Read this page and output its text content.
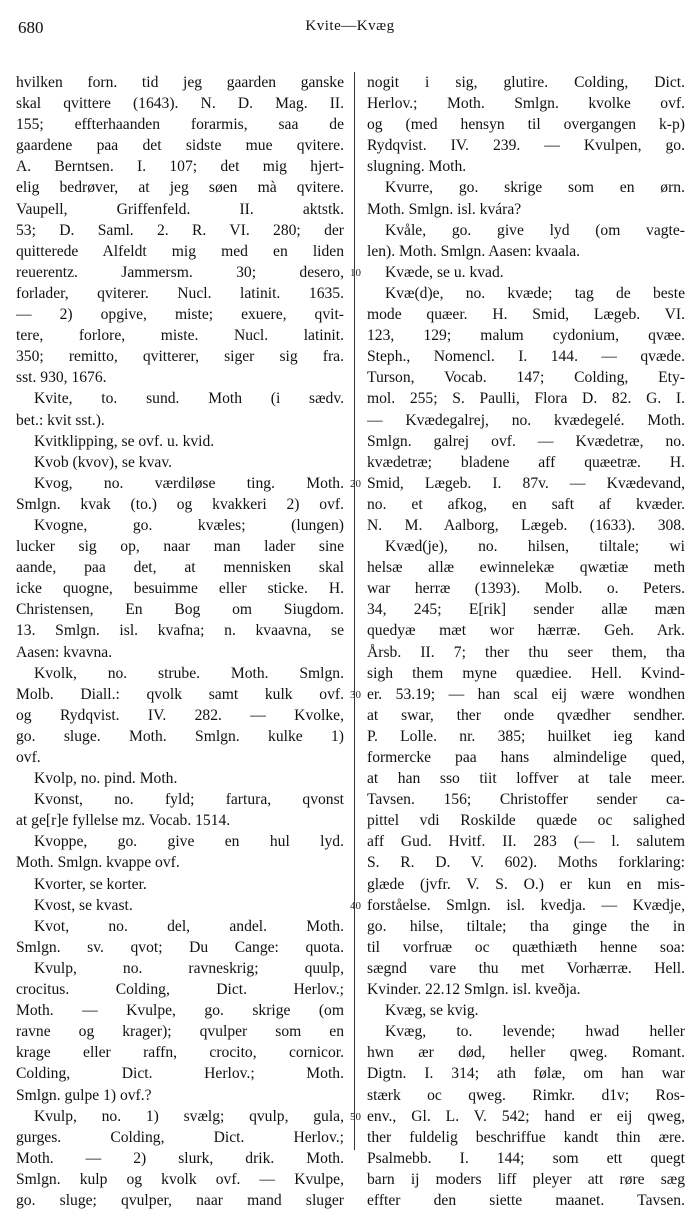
680	Kvite—Kvæg
hvilken forn. tid jeg gaarden ganske
skal qvittere (1643). N. D. Mag. II.
155; effterhaanden forarmis, saa de
gaardene paa det sidste mue qvitere.
A. Berntsen. I. 107; det mig hjert-
elig bedrøver, at jeg søen mà qvitere.
Vaupell, Griffenfeld. II. aktstk.
53; D. Saml. 2. R. VI. 280; der
quitterede Alfeldt mig med en liden
reuerentz. Jammersm. 30; desero,
forlader, qviterer. Nucl. latinit. 1635.
— 2) opgive, miste; exuere, qvit-
tere, forlore, miste. Nucl. latinit.
350; remitto, qvitterer, siger sig fra.
sst. 930, 1676.
Kvite, to. sund. Moth (i sædv.
bet.: kvit sst.).
Kvitklipping, se ovf. u. kvid.
Kvob (kvov), se kvav.
Kvog, no. værdiløse ting. Moth.
Smlgn. kvak (to.) og kvakkeri 2) ovf.
Kvogne, go. kvæles; (lungen)
lucker sig op, naar man lader sine
aande, paa det, at mennisken skal
icke quogne, besuimme eller sticke. H.
Christensen, En Bog om Siugdom.
13. Smlgn. isl. kvafna; n. kvaavna, se
Aasen: kvavna.
Kvolk, no. strube. Moth. Smlgn.
Molb. Diall.: qvolk samt kulk ovf.
og Rydqvist. IV. 282. — Kvolke,
go. sluge. Moth. Smlgn. kulke 1)
ovf.
Kvolp, no. pind. Moth.
Kvonst, no. fyld; fartura, qvonst
at ge[r]e fyllelse mz. Vocab. 1514.
Kvoppe, go. give en hul lyd.
Moth. Smlgn. kvappe ovf.
Kvorter, se korter.
Kvost, se kvast.
Kvot, no. del, andel. Moth.
Smlgn. sv. qvot; Du Cange: quota.
Kvulp, no. ravneskrig; quulp,
crocitus. Colding, Dict. Herlov.;
Moth. — Kvulpe, go. skrige (om
ravne og krager); qvulper som en
krage eller raffn, crocito, cornicor.
Colding, Dict. Herlov.; Moth.
Smlgn. gulpe 1) ovf.?
Kvulp, no. 1) svælg; qvulp, gula,
gurges. Colding, Dict. Herlov.;
Moth. — 2) slurk, drik. Moth.
Smlgn. kulp og kvolk ovf. — Kvulpe,
go. sluge; qvulper, naar mand sluger
nogit i sig, glutire. Colding, Dict.
Herlov.; Moth. Smlgn. kvolke ovf.
og (med hensyn til overgangen k-p)
Rydqvist. IV. 239. — Kvulpen, go.
slugning. Moth.
Kvurre, go. skrige som en ørn.
Moth. Smlgn. isl. kvára?
Kvåle, go. give lyd (om vagte-
len). Moth. Smlgn. Aasen: kvaala.
Kvæde, se u. kvad.
Kvæ(d)e, no. kvæde; tag de beste
mode quæer. H. Smid, Lægeb. VI.
123, 129; malum cydonium, qvæe.
Steph., Nomencl. I. 144. — qvæde.
Turson, Vocab. 147; Colding, Ety-
mol. 255; S. Paulli, Flora D. 82. G. I.
— Kvædegalrej, no. kvædegelé. Moth.
Smlgn. galrej ovf. — Kvædetræ, no.
kvædetræ; bladene aff quæetræ. H.
Smid, Lægeb. I. 87v. — Kvædevand,
no. et afkog, en saft af kvæder.
N. M. Aalborg, Lægeb. (1633). 308.
Kvæd(je), no. hilsen, tiltale; wi
helsæ allæ ewinnelekæ qwætiæ meth
war herræ (1393). Molb. o. Peters.
34, 245; E[rik] sender allæ mæn
quedyæ mæt wor hærræ. Geh. Ark.
Årsb. II. 7; ther thu seer them, tha
sigh them myne quædiee. Hell. Kvind-
er. 53.19; — han scal eij wære wondhen
at swar, ther onde qvædher sendher.
P. Lolle. nr. 385; huilket ieg kand
formercke paa hans almindelige qued,
at han sso tiit loffver at tale meer.
Tavsen. 156; Christoffer sender ca-
pittel vdi Roskilde quæde oc salighed
aff Gud. Hvitf. II. 283 (— l. salutem
S. R. D. V. 602). Moths forklaring:
glæde (jvfr. V. S. O.) er kun en mis-
forståelse. Smlgn. isl. kvedja. — Kvædje,
go. hilse, tiltale; tha ginge the in
til vorfruæ oc quæthiæth henne soa:
sægnd vare thu met Vorhærræ. Hell.
Kvinder. 22.12 Smlgn. isl. kveðja.
Kvæg, se kvig.
Kvæg, to. levende; hwad heller
hwn ær død, heller qweg. Romant.
Digtn. I. 314; ath følæ, om han war
stærk oc qweg. Rimkr. d1v; Ros-
env., Gl. L. V. 542; hand er eij qweg,
ther fuldelig beschriffue kandt thin ære.
Psalmebb. I. 144; som ett quegt
barn ij moders liff pleyer att røre sæg
effter den siette maanet. Tavsen.
10
20
30
40
50
